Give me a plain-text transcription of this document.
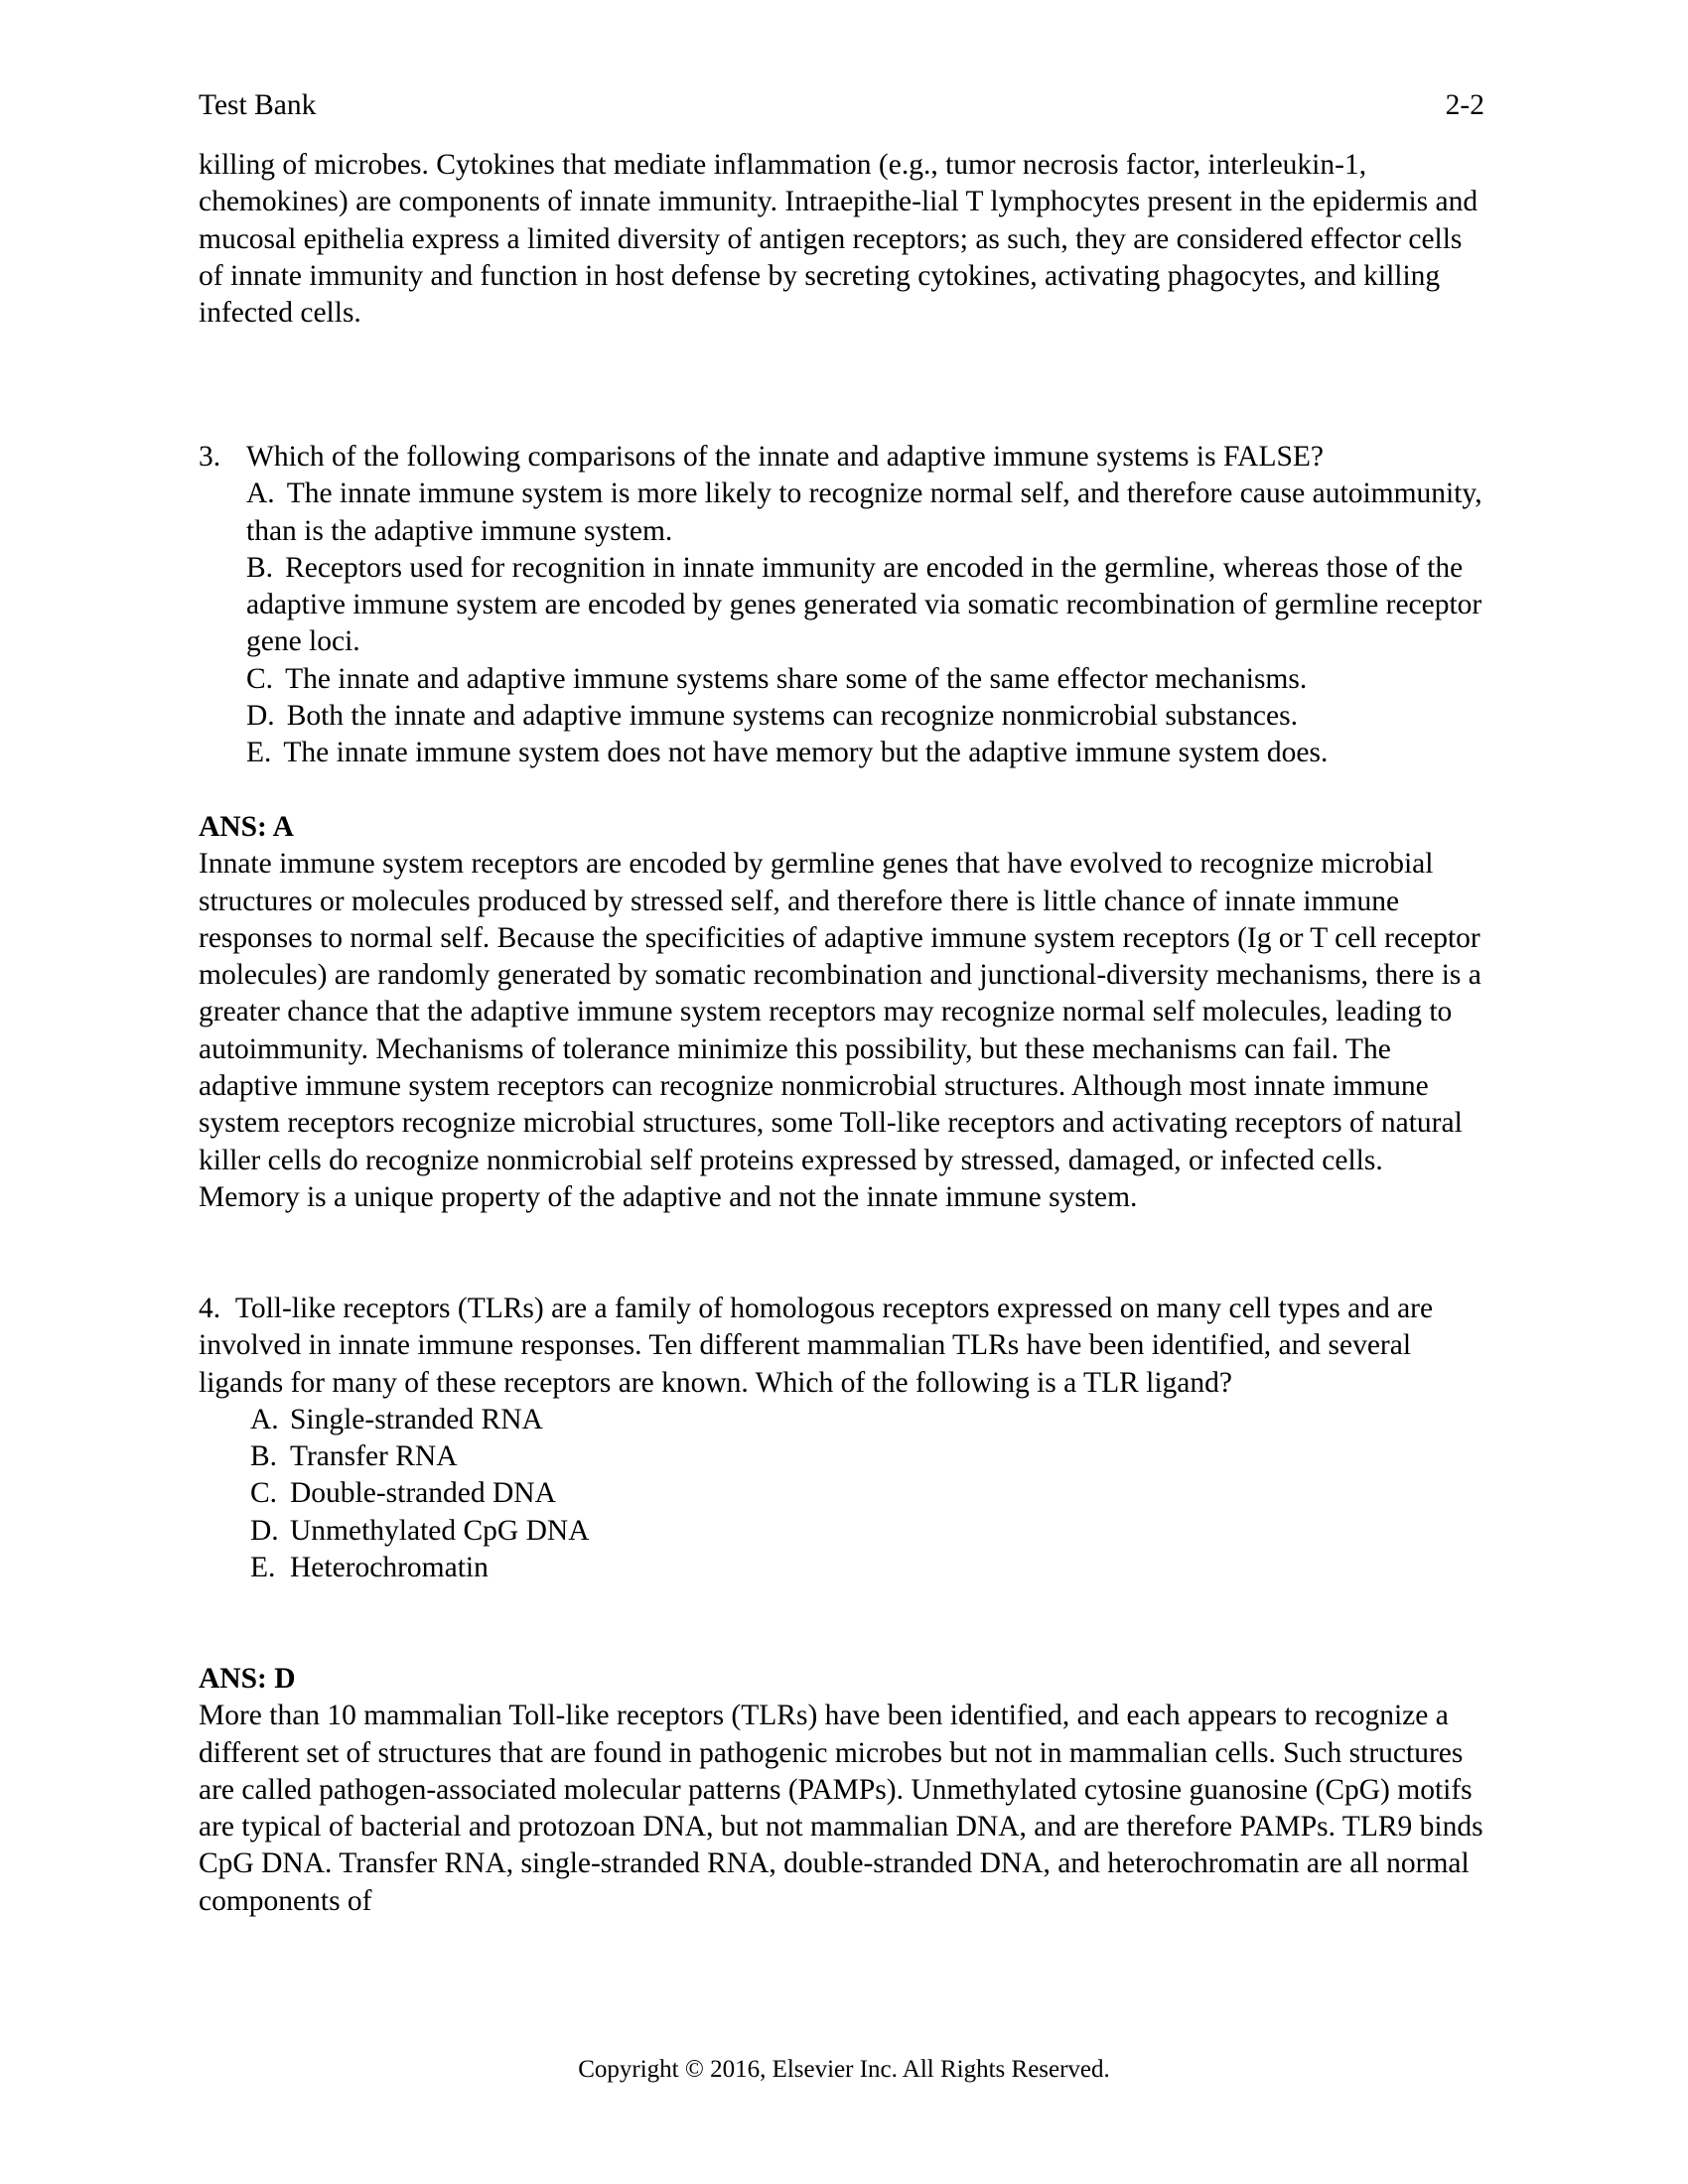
Test Bank	2-2

killing of microbes. Cytokines that mediate inflammation (e.g., tumor necrosis factor, interleukin-1, chemokines) are components of innate immunity. Intraepithe-lial T lymphocytes present in the epidermis and mucosal epithelia express a limited diversity of antigen receptors; as such, they are considered effector cells of innate immunity and function in host defense by secreting cytokines, activating phagocytes, and killing infected cells.

3. Which of the following comparisons of the innate and adaptive immune systems is FALSE?
A. The innate immune system is more likely to recognize normal self, and therefore cause autoimmunity, than is the adaptive immune system.
B. Receptors used for recognition in innate immunity are encoded in the germline, whereas those of the adaptive immune system are encoded by genes generated via somatic recombination of germline receptor gene loci.
C. The innate and adaptive immune systems share some of the same effector mechanisms.
D. Both the innate and adaptive immune systems can recognize nonmicrobial substances.
E. The innate immune system does not have memory but the adaptive immune system does.

ANS: A

Innate immune system receptors are encoded by germline genes that have evolved to recognize microbial structures or molecules produced by stressed self, and therefore there is little chance of innate immune responses to normal self. Because the specificities of adaptive immune system receptors (Ig or T cell receptor molecules) are randomly generated by somatic recombination and junctional-diversity mechanisms, there is a greater chance that the adaptive immune system receptors may recognize normal self molecules, leading to autoimmunity. Mechanisms of tolerance minimize this possibility, but these mechanisms can fail. The adaptive immune system receptors can recognize nonmicrobial structures. Although most innate immune system receptors recognize microbial structures, some Toll-like receptors and activating receptors of natural killer cells do recognize nonmicrobial self proteins expressed by stressed, damaged, or infected cells. Memory is a unique property of the adaptive and not the innate immune system.

4. Toll-like receptors (TLRs) are a family of homologous receptors expressed on many cell types and are involved in innate immune responses. Ten different mammalian TLRs have been identified, and several ligands for many of these receptors are known. Which of the following is a TLR ligand?

A. Single-stranded RNA
B. Transfer RNA
C. Double-stranded DNA
D. Unmethylated CpG DNA
E. Heterochromatin

ANS: D

More than 10 mammalian Toll-like receptors (TLRs) have been identified, and each appears to recognize a different set of structures that are found in pathogenic microbes but not in mammalian cells. Such structures are called pathogen-associated molecular patterns (PAMPs). Unmethylated cytosine guanosine (CpG) motifs are typical of bacterial and protozoan DNA, but not mammalian DNA, and are therefore PAMPs. TLR9 binds CpG DNA. Transfer RNA, single-stranded RNA, double-stranded DNA, and heterochromatin are all normal components of

Copyright © 2016, Elsevier Inc. All Rights Reserved.
